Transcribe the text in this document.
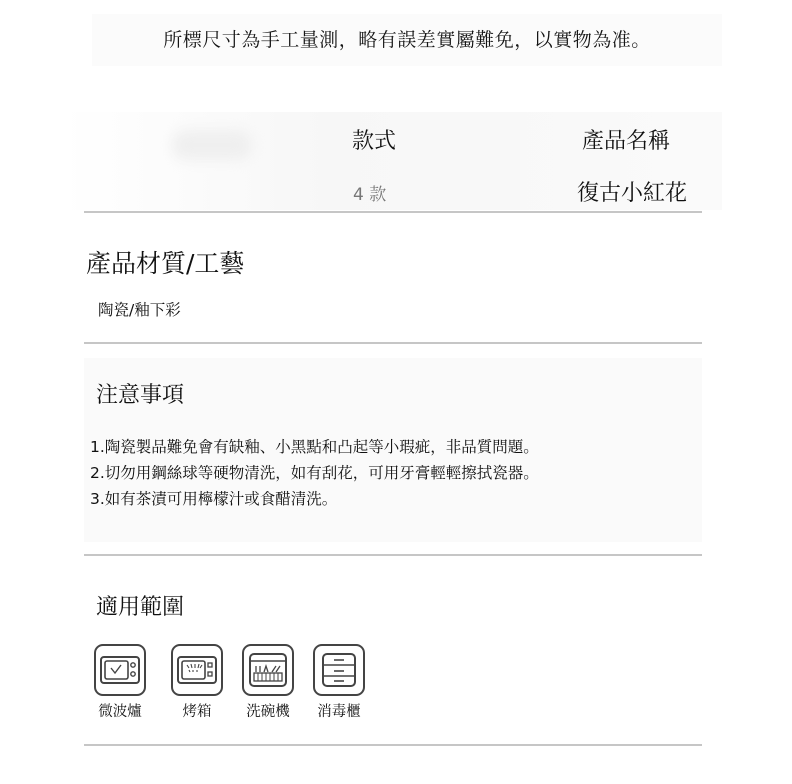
所標尺寸為手工量測，略有誤差實屬難免，以實物為准。
款式	產品名稱
4 款	復古小紅花
產品材質/工藝
陶瓷/釉下彩
注意事項
1.陶瓷製品難免會有缺釉、小黑點和凸起等小瑕疵，非品質問題。
2.切勿用鋼絲球等硬物清洗，如有刮花，可用牙膏輕輕擦拭瓷器。
3.如有茶漬可用檸檬汁或食醋清洗。
適用範圍
微波爐	烤箱	洗碗機	消毒櫃
